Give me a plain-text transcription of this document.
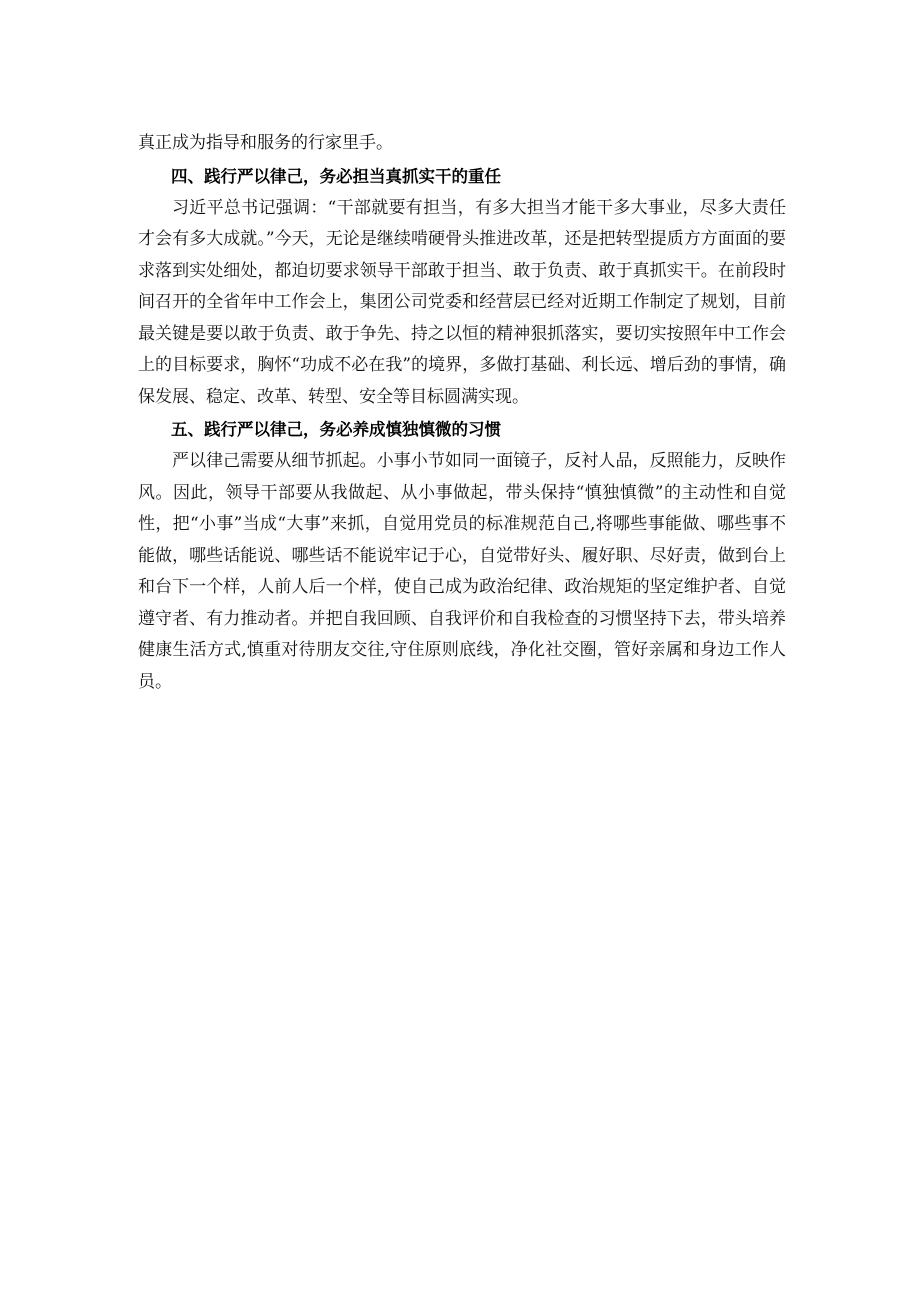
真正成为指导和服务的行家里手。

四、践行严以律己，务必担当真抓实干的重任

习近平总书记强调：“干部就要有担当，有多大担当才能干多大事业，尽多大责任才会有多大成就。”今天，无论是继续啃硬骨头推进改革，还是把转型提质方方面面的要求落到实处细处，都迫切要求领导干部敢于担当、敢于负责、敢于真抓实干。在前段时间召开的全省年中工作会上，集团公司党委和经营层已经对近期工作制定了规划，目前最关键是要以敢于负责、敢于争先、持之以恒的精神狠抓落实，要切实按照年中工作会上的目标要求，胸怀“功成不必在我”的境界，多做打基础、利长远、增后劲的事情，确保发展、稳定、改革、转型、安全等目标圆满实现。

五、践行严以律己，务必养成慎独慎微的习惯

严以律己需要从细节抓起。小事小节如同一面镜子，反衬人品，反照能力，反映作风。因此，领导干部要从我做起、从小事做起，带头保持“慎独慎微”的主动性和自觉性，把“小事”当成“大事”来抓，自觉用党员的标准规范自己,将哪些事能做、哪些事不能做，哪些话能说、哪些话不能说牢记于心，自觉带好头、履好职、尽好责，做到台上和台下一个样，人前人后一个样，使自己成为政治纪律、政治规矩的坚定维护者、自觉遵守者、有力推动者。并把自我回顾、自我评价和自我检查的习惯坚持下去，带头培养健康生活方式,慎重对待朋友交往,守住原则底线，净化社交圈，管好亲属和身边工作人员。
